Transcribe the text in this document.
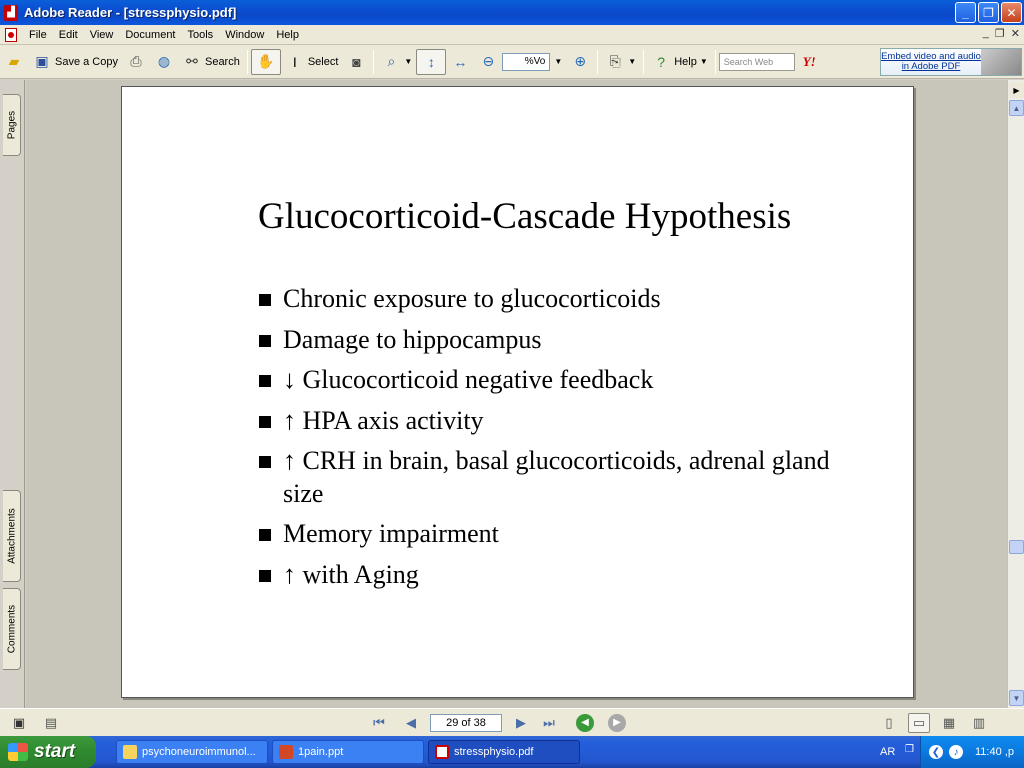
▟ Adobe Reader - [stressphysio.pdf]	_	❐	✕
File	Edit	View	Document	Tools	Window	Help	_ ❐ ✕
▰	▣ Save a Copy ⎙	◍ ⚯ Search ✋	I	Select ◙	⌕	▼	↕	↔ ⊖	%Vo	▼ ⊕	⎘ ▼	? Help ▼	Search Web	Y!	Embed video and audio in Adobe PDF
Pages
Attachments
Comments
Glucocorticoid-Cascade Hypothesis
Chronic exposure to glucocorticoids
Damage to hippocampus
↓ Glucocorticoid negative feedback
↑ HPA axis activity
↑ CRH in brain, basal glucocorticoids, adrenal gland size
Memory impairment
↑ with Aging
▶
▲
▼
▣	▤	⏮	◀	29 of 38	▶	⏭	◀	▶	▯	▭	▦	▥
start	psychoneuroimmunol...	1pain.ppt	stressphysio.pdf	AR ❒ ❮	♪	11:40 ,p
